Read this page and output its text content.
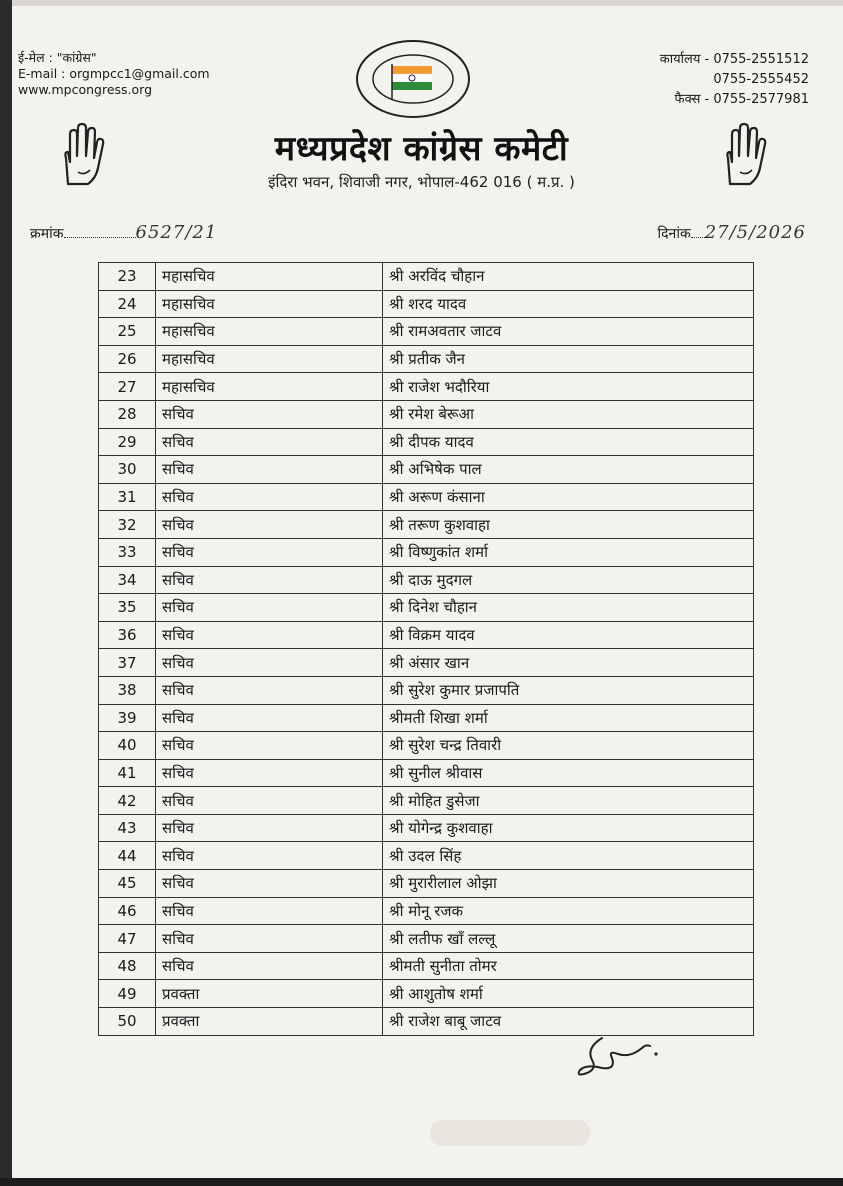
ई-मेल : "कांग्रेस"
E-mail : orgmpcc1@gmail.com
www.mpcongress.org
कार्यालय - 0755-2551512
0755-2555452
फैक्स - 0755-2577981
मध्यप्रदेश कांग्रेस कमेटी
इंदिरा भवन, शिवाजी नगर, भोपाल-462 016 ( म.प्र. )
क्रमांक	6527/21	दिनांक 27/5/2026
23	महासचिव	श्री अरविंद चौहान
24	महासचिव	श्री शरद यादव
25	महासचिव	श्री रामअवतार जाटव
26	महासचिव	श्री प्रतीक जैन
27	महासचिव	श्री राजेश भदौरिया
28	सचिव	श्री रमेश बेरूआ
29	सचिव	श्री दीपक यादव
30	सचिव	श्री अभिषेक पाल
31	सचिव	श्री अरूण कंसाना
32	सचिव	श्री तरूण कुशवाहा
33	सचिव	श्री विष्णुकांत शर्मा
34	सचिव	श्री दाऊ मुदगल
35	सचिव	श्री दिनेश चौहान
36	सचिव	श्री विक्रम यादव
37	सचिव	श्री अंसार खान
38	सचिव	श्री सुरेश कुमार प्रजापति
39	सचिव	श्रीमती शिखा शर्मा
40	सचिव	श्री सुरेश चन्द्र तिवारी
41	सचिव	श्री सुनील श्रीवास
42	सचिव	श्री मोहित डुसेजा
43	सचिव	श्री योगेन्द्र कुशवाहा
44	सचिव	श्री उदल सिंह
45	सचिव	श्री मुरारीलाल ओझा
46	सचिव	श्री मोनू रजक
47	सचिव	श्री लतीफ खाँ लल्लू
48	सचिव	श्रीमती सुनीता तोमर
49	प्रवक्ता	श्री आशुतोष शर्मा
50	प्रवक्ता	श्री राजेश बाबू जाटव
